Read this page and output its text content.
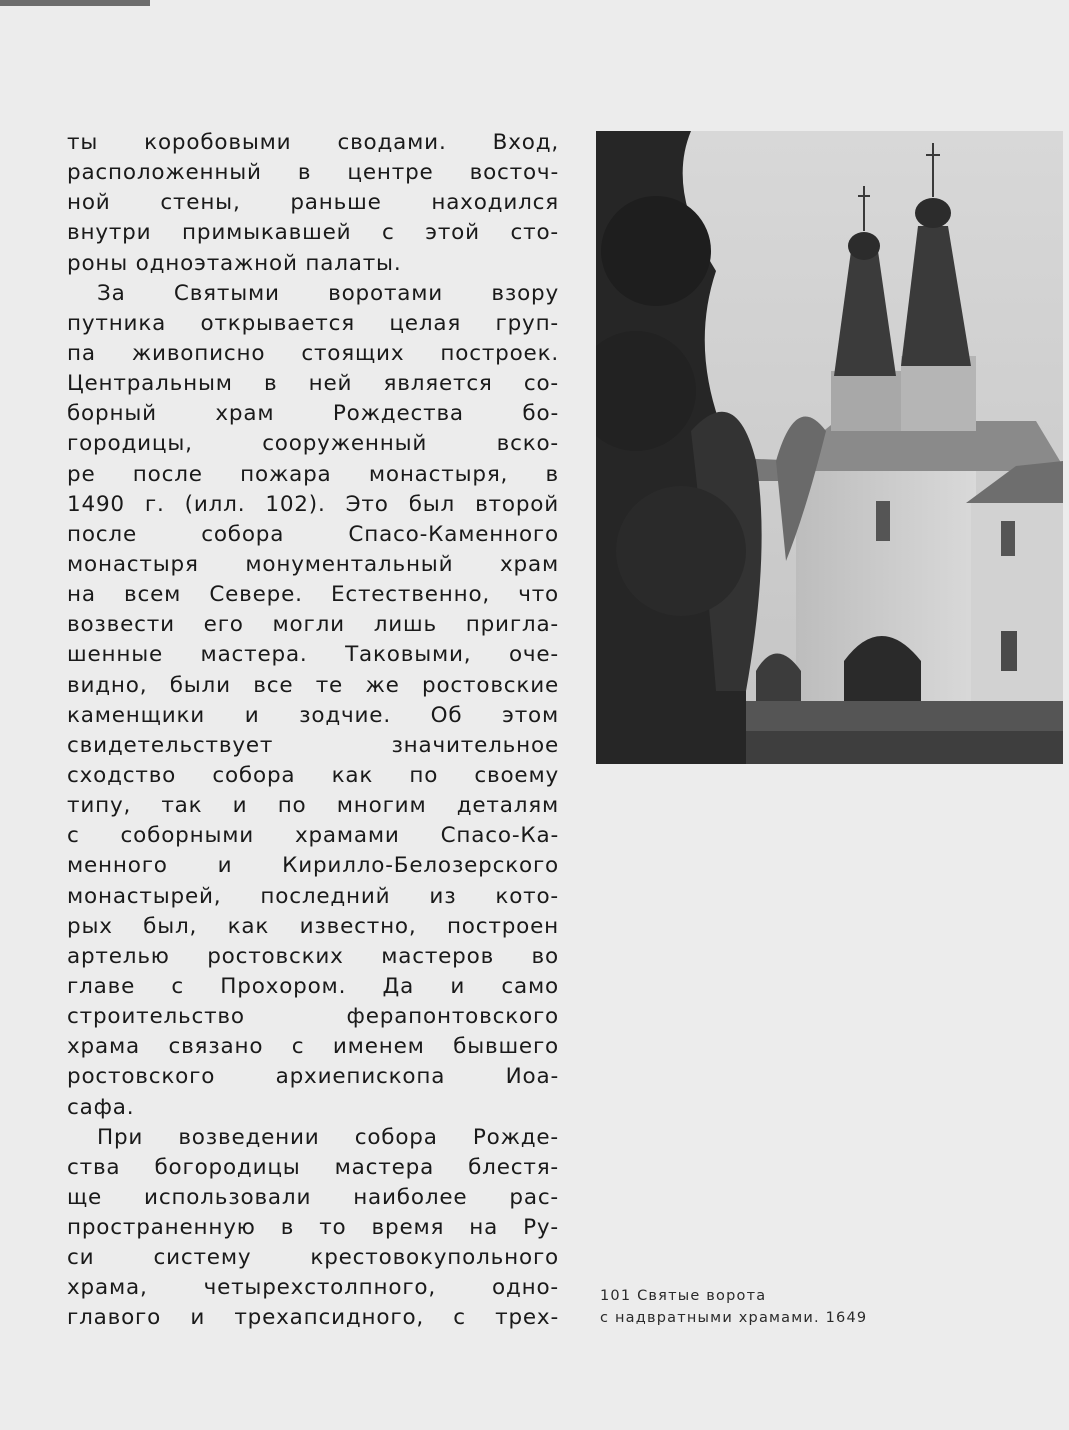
ты коробовыми сводами. Вход,
расположенный в центре восточ-
ной стены, раньше находился
внутри примыкавшей с этой сто-
роны одноэтажной палаты.
За Святыми воротами взору
путника открывается целая груп-
па живописно стоящих построек.
Центральным в ней является со-
борный храм Рождества бо-
городицы, сооруженный вско-
ре после пожара монастыря, в
1490 г. (илл. 102). Это был второй
после собора Спасо-Каменного
монастыря монументальный храм
на всем Севере. Естественно, что
возвести его могли лишь пригла-
шенные мастера. Таковыми, оче-
видно, были все те же ростовские
каменщики и зодчие. Об этом
свидетельствует значительное
сходство собора как по своему
типу, так и по многим деталям
с соборными храмами Спасо-Ка-
менного и Кирилло-Белозерского
монастырей, последний из кото-
рых был, как известно, построен
артелью ростовских мастеров во
главе с Прохором. Да и само
строительство ферапонтовского
храма связано с именем бывшего
ростовского архиепископа Иоа-
сафа.
При возведении собора Рожде-
ства богородицы мастера блестя-
ще использовали наиболее рас-
пространенную в то время на Ру-
си систему крестовокупольного
храма, четырехстолпного, одно-
главого и трехапсидного, с трех-
101 Святые ворота
с надвратными храмами. 1649
